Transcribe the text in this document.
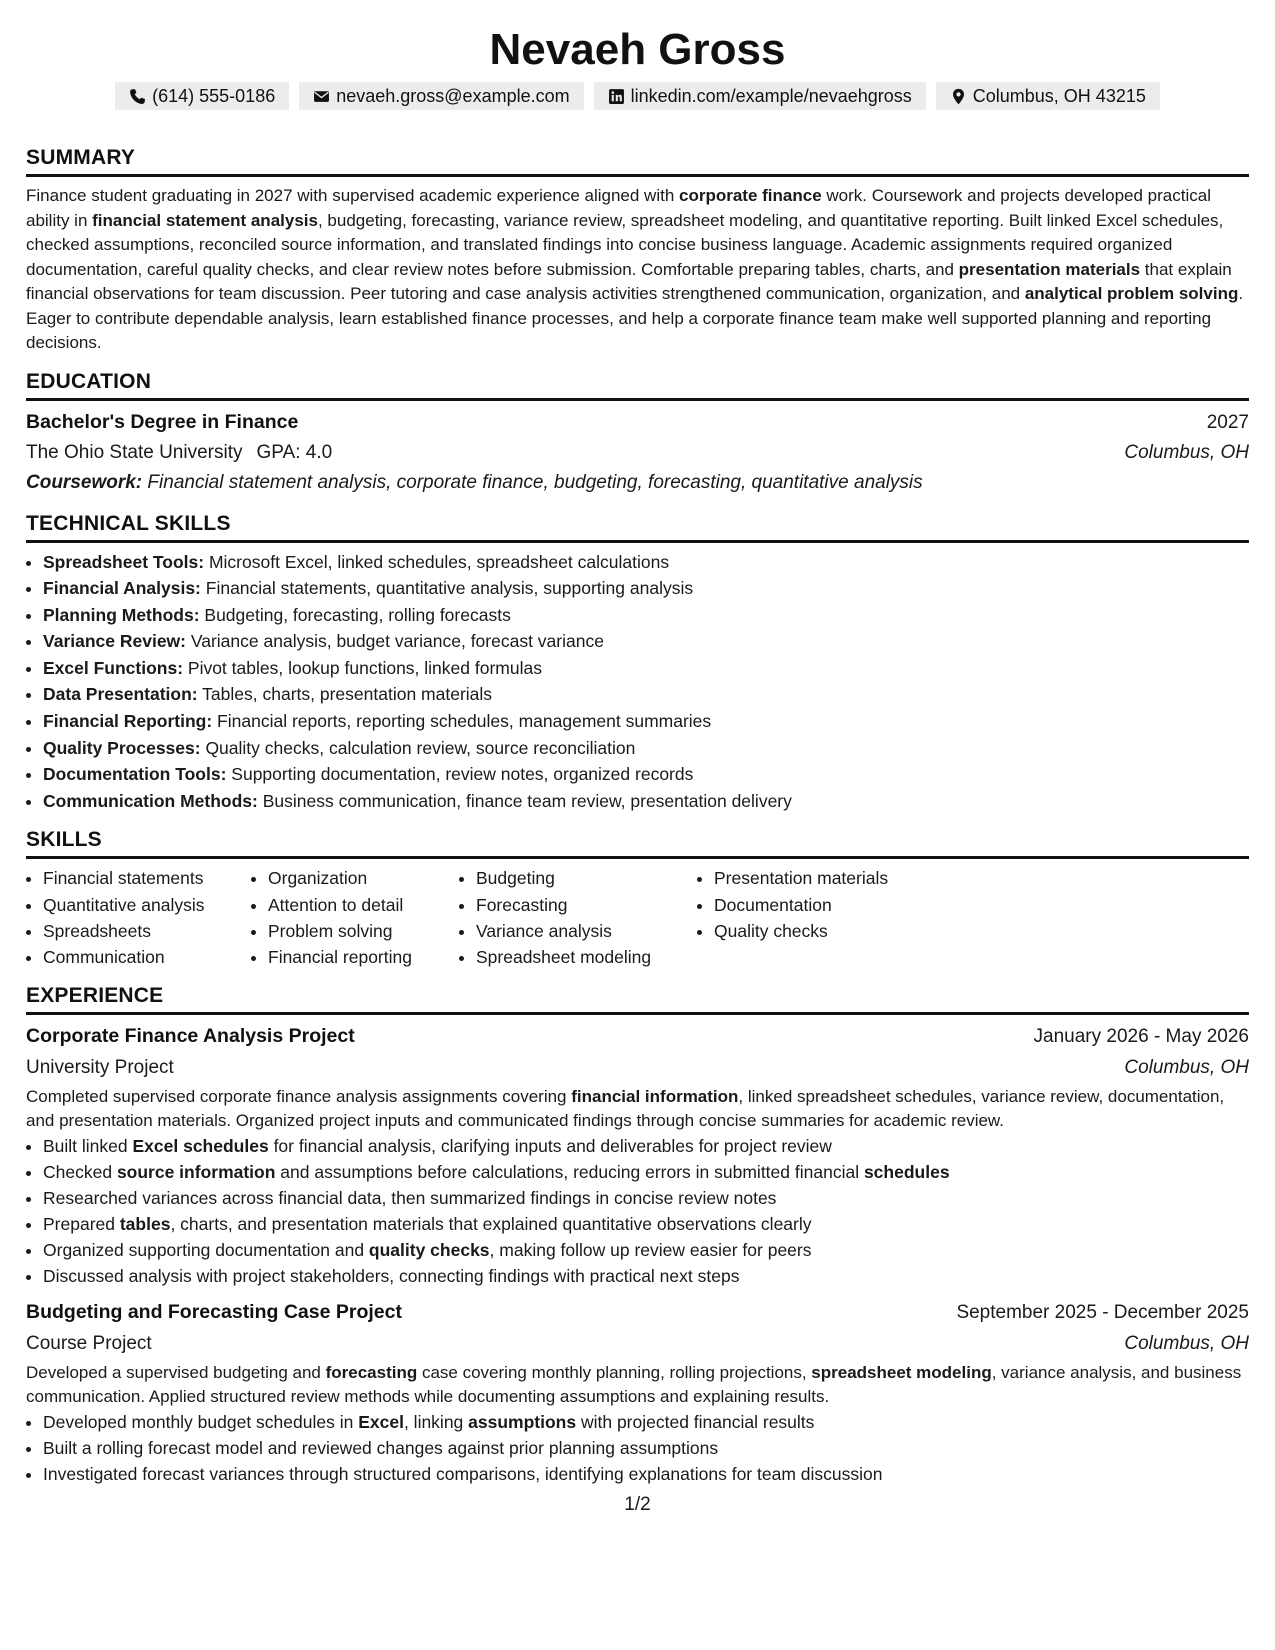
Nevaeh Gross
(614) 555-0186	nevaeh.gross@example.com	linkedin.com/example/nevaehgross	Columbus, OH 43215
SUMMARY
Finance student graduating in 2027 with supervised academic experience aligned with corporate finance work. Coursework and projects developed practical ability in financial statement analysis, budgeting, forecasting, variance review, spreadsheet modeling, and quantitative reporting. Built linked Excel schedules, checked assumptions, reconciled source information, and translated findings into concise business language. Academic assignments required organized documentation, careful quality checks, and clear review notes before submission. Comfortable preparing tables, charts, and presentation materials that explain financial observations for team discussion. Peer tutoring and case analysis activities strengthened communication, organization, and analytical problem solving. Eager to contribute dependable analysis, learn established finance processes, and help a corporate finance team make well supported planning and reporting decisions.
EDUCATION
Bachelor's Degree in Finance	2027
The Ohio State University GPA: 4.0	Columbus, OH
Coursework: Financial statement analysis, corporate finance, budgeting, forecasting, quantitative analysis
TECHNICAL SKILLS
• Spreadsheet Tools: Microsoft Excel, linked schedules, spreadsheet calculations
• Financial Analysis: Financial statements, quantitative analysis, supporting analysis
• Planning Methods: Budgeting, forecasting, rolling forecasts
• Variance Review: Variance analysis, budget variance, forecast variance
• Excel Functions: Pivot tables, lookup functions, linked formulas
• Data Presentation: Tables, charts, presentation materials
• Financial Reporting: Financial reports, reporting schedules, management summaries
• Quality Processes: Quality checks, calculation review, source reconciliation
• Documentation Tools: Supporting documentation, review notes, organized records
• Communication Methods: Business communication, finance team review, presentation delivery
SKILLS
• Financial statements
• Quantitative analysis
• Spreadsheets
• Communication
• Organization
• Attention to detail
• Problem solving
• Financial reporting
• Budgeting
• Forecasting
• Variance analysis
• Spreadsheet modeling
• Presentation materials
• Documentation
• Quality checks
EXPERIENCE
Corporate Finance Analysis Project	January 2026 - May 2026
University Project	Columbus, OH
Completed supervised corporate finance analysis assignments covering financial information, linked spreadsheet schedules, variance review, documentation, and presentation materials. Organized project inputs and communicated findings through concise summaries for academic review.
• Built linked Excel schedules for financial analysis, clarifying inputs and deliverables for project review
• Checked source information and assumptions before calculations, reducing errors in submitted financial schedules
• Researched variances across financial data, then summarized findings in concise review notes
• Prepared tables, charts, and presentation materials that explained quantitative observations clearly
• Organized supporting documentation and quality checks, making follow up review easier for peers
• Discussed analysis with project stakeholders, connecting findings with practical next steps
Budgeting and Forecasting Case Project	September 2025 - December 2025
Course Project	Columbus, OH
Developed a supervised budgeting and forecasting case covering monthly planning, rolling projections, spreadsheet modeling, variance analysis, and business communication. Applied structured review methods while documenting assumptions and explaining results.
• Developed monthly budget schedules in Excel, linking assumptions with projected financial results
• Built a rolling forecast model and reviewed changes against prior planning assumptions
• Investigated forecast variances through structured comparisons, identifying explanations for team discussion
1/2
